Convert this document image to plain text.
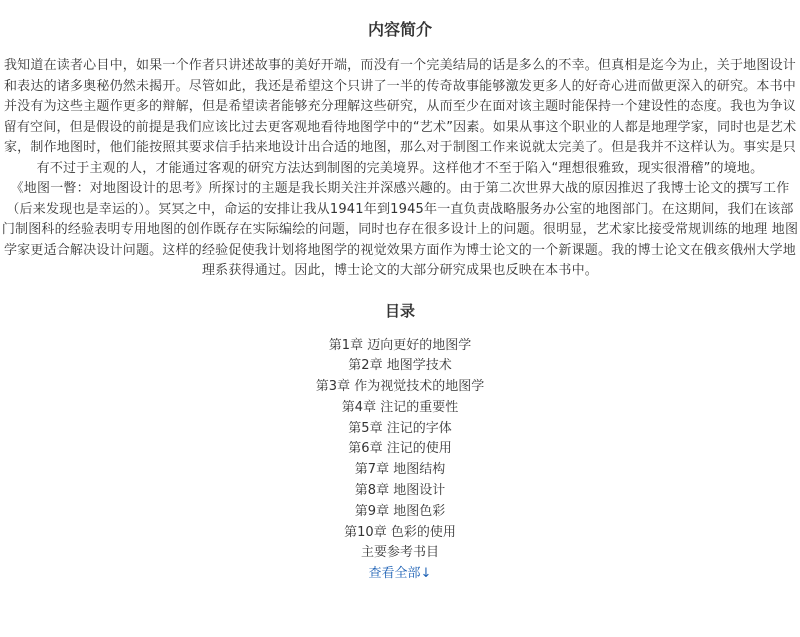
内容简介

我知道在读者心目中，如果一个作者只讲述故事的美好开端，而没有一个完美结局的话是多么的不幸。但真相是迄今为止，关于地图设计和表达的诸多奥秘仍然未揭开。尽管如此，我还是希望这个只讲了一半的传奇故事能够激发更多人的好奇心进而做更深入的研究。本书中并没有为这些主题作更多的辩解，但是希望读者能够充分理解这些研究，从而至少在面对该主题时能保持一个建设性的态度。我也为争议留有空间，但是假设的前提是我们应该比过去更客观地看待地图学中的“艺术”因素。如果从事这个职业的人都是地理学家，同时也是艺术家，制作地图时，他们能按照其要求信手拈来地设计出合适的地图，那么对于制图工作来说就太完美了。但是我并不这样认为。事实是只有不过于主观的人，才能通过客观的研究方法达到制图的完美境界。这样他才不至于陷入“理想很雅致，现实很滑稽”的境地。

《地图一瞥：对地图设计的思考》所探讨的主题是我长期关注并深感兴趣的。由于第二次世界大战的原因推迟了我博士论文的撰写工作（后来发现也是幸运的）。冥冥之中，命运的安排让我从1941年到1945年一直负责战略服务办公室的地图部门。在这期间，我们在该部门制图科的经验表明专用地图的创作既存在实际编绘的问题，同时也存在很多设计上的问题。很明显，艺术家比接受常规训练的地理 地图学家更适合解决设计问题。这样的经验促使我计划将地图学的视觉效果方面作为博士论文的一个新课题。我的博士论文在俄亥俄州大学地理系获得通过。因此，博士论文的大部分研究成果也反映在本书中。

目录
第1章 迈向更好的地图学
第2章 地图学技术
第3章 作为视觉技术的地图学
第4章 注记的重要性
第5章 注记的字体
第6章 注记的使用
第7章 地图结构
第8章 地图设计
第9章 地图色彩
第10章 色彩的使用
主要参考书目
查看全部↓
